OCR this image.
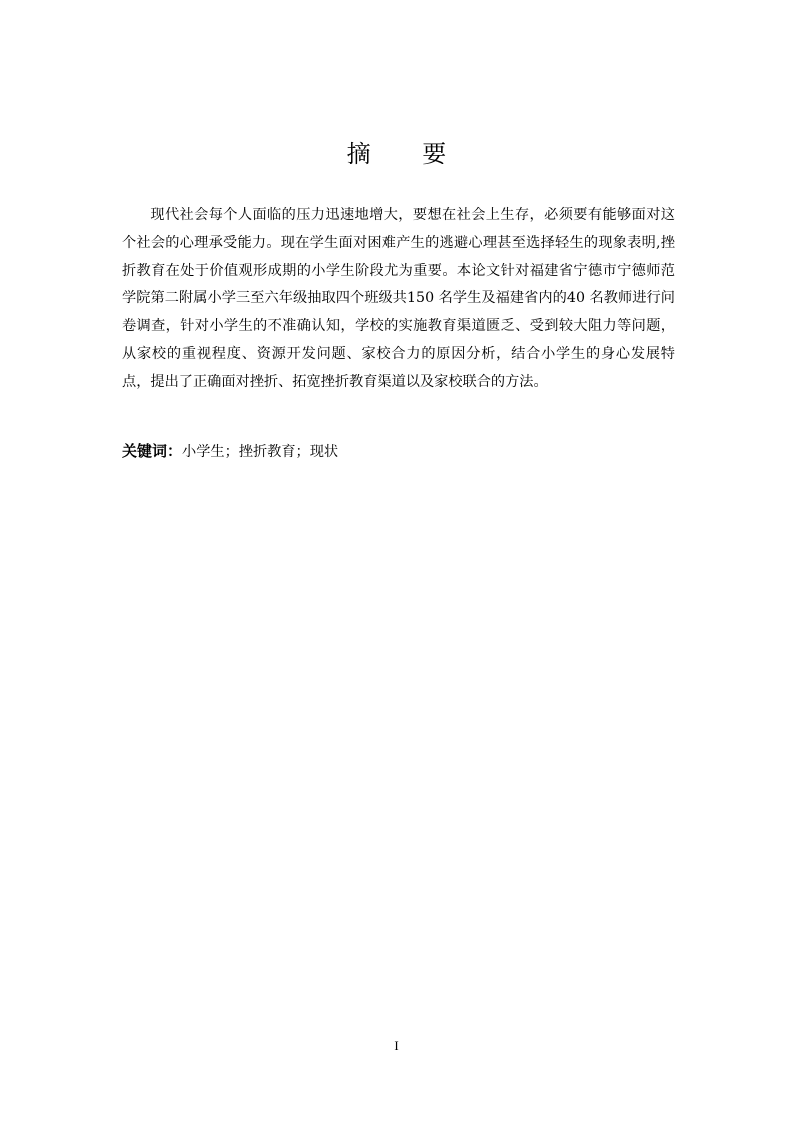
摘 要

现代社会每个人面临的压力迅速地增大，要想在社会上生存，必须要有能够面对这个社会的心理承受能力。现在学生面对困难产生的逃避心理甚至选择轻生的现象表明,挫折教育在处于价值观形成期的小学生阶段尤为重要。本论文针对福建省宁德市宁德师范学院第二附属小学三至六年级抽取四个班级共150 名学生及福建省内的40 名教师进行问卷调查，针对小学生的不准确认知，学校的实施教育渠道匮乏、受到较大阻力等问题，从家校的重视程度、资源开发问题、家校合力的原因分析，结合小学生的身心发展特点，提出了正确面对挫折、拓宽挫折教育渠道以及家校联合的方法。

关键词：小学生；挫折教育；现状
I
